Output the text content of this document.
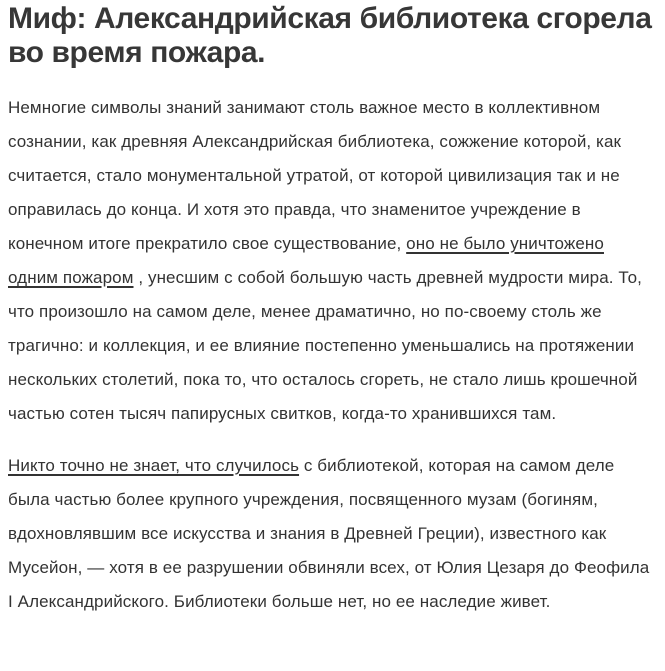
Миф: Александрийская библиотека сгорела во время пожара.

Немногие символы знаний занимают столь важное место в коллективном сознании, как древняя Александрийская библиотека, сожжение которой, как считается, стало монументальной утратой, от которой цивилизация так и не оправилась до конца. И хотя это правда, что знаменитое учреждение в конечном итоге прекратило свое существование, оно не было уничтожено одним пожаром , унесшим с собой большую часть древней мудрости мира. То, что произошло на самом деле, менее драматично, но по-своему столь же трагично: и коллекция, и ее влияние постепенно уменьшались на протяжении нескольких столетий, пока то, что осталось сгореть, не стало лишь крошечной частью сотен тысяч папирусных свитков, когда-то хранившихся там.

Никто точно не знает, что случилось с библиотекой, которая на самом деле была частью более крупного учреждения, посвященного музам (богиням, вдохновлявшим все искусства и знания в Древней Греции), известного как Мусейон, — хотя в ее разрушении обвиняли всех, от Юлия Цезаря до Феофила I Александрийского. Библиотеки больше нет, но ее наследие живет.
